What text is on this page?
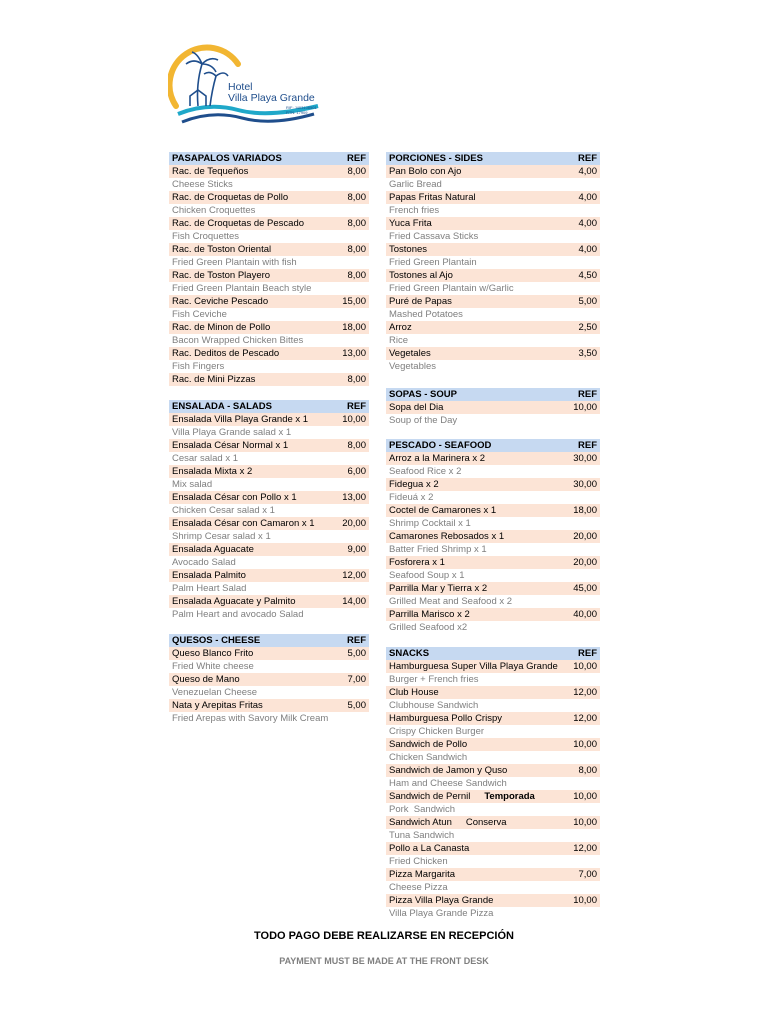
Hotel
Villa Playa Grande
RIF: J403108501
RTN: 17909
PASAPALOS VARIADOS	REF
Rac. de Tequeños	8,00
Cheese Sticks
Rac. de Croquetas de Pollo	8,00
Chicken Croquettes
Rac. de Croquetas de Pescado	8,00
Fish Croquettes
Rac. de Toston Oriental	8,00
Fried Green Plantain with fish
Rac. de Toston Playero	8,00
Fried Green Plantain Beach style
Rac. Ceviche Pescado	15,00
Fish Ceviche
Rac. de Minon de Pollo	18,00
Bacon Wrapped Chicken Bittes
Rac. Deditos de Pescado	13,00
Fish Fingers
Rac. de Mini Pizzas	8,00
ENSALADA - SALADS	REF
Ensalada Villa Playa Grande x 1	10,00
Villa Playa Grande salad x 1
Ensalada César Normal x 1	8,00
Cesar salad x 1
Ensalada Mixta x 2	6,00
Mix salad
Ensalada César con Pollo x 1	13,00
Chicken Cesar salad x 1
Ensalada César con Camaron x 1	20,00
Shrimp Cesar salad x 1
Ensalada Aguacate	9,00
Avocado Salad
Ensalada Palmito	12,00
Palm Heart Salad
Ensalada Aguacate y Palmito	14,00
Palm Heart and avocado Salad
QUESOS - CHEESE	REF
Queso Blanco Frito	5,00
Fried White cheese
Queso de Mano	7,00
Venezuelan Cheese
Nata y Arepitas Fritas	5,00
Fried Arepas with Savory Milk Cream
PORCIONES - SIDES	REF
Pan Bolo con Ajo	4,00
Garlic Bread
Papas Fritas Natural	4,00
French fries
Yuca Frita	4,00
Fried Cassava Sticks
Tostones	4,00
Fried Green Plantain
Tostones al Ajo	4,50
Fried Green Plantain w/Garlic
Puré de Papas	5,00
Mashed Potatoes
Arroz	2,50
Rice
Vegetales	3,50
Vegetables
SOPAS - SOUP	REF
Sopa del Dia	10,00
Soup of the Day
PESCADO - SEAFOOD	REF
Arroz a la Marinera x 2	30,00
Seafood Rice x 2
Fidegua x 2	30,00
Fideuá x 2
Coctel de Camarones x 1	18,00
Shrimp Cocktail x 1
Camarones Rebosados x 1	20,00
Batter Fried Shrimp x 1
Fosforera x 1	20,00
Seafood Soup x 1
Parrilla Mar y Tierra x 2	45,00
Grilled Meat and Seafood x 2
Parrilla Marisco x 2	40,00
Grilled Seafood x2
SNACKS	REF
Hamburguesa Super Villa Playa Grande 10,00
Burger + French fries
Club House	12,00
Clubhouse Sandwich
Hamburguesa Pollo Crispy	12,00
Crispy Chicken Burger
Sandwich de Pollo	10,00
Chicken Sandwich
Sandwich de Jamon y Quso	8,00
Ham and Cheese Sandwich
Sandwich de Pernil Temporada	10,00
Pork  Sandwich
Sandwich Atun Conserva	10,00
Tuna Sandwich
Pollo a La Canasta	12,00
Fried Chicken
Pizza Margarita	7,00
Cheese Pizza
Pizza Villa Playa Grande	10,00
Villa Playa Grande Pizza
TODO PAGO DEBE REALIZARSE EN RECEPCIÓN
PAYMENT MUST BE MADE AT THE FRONT DESK
